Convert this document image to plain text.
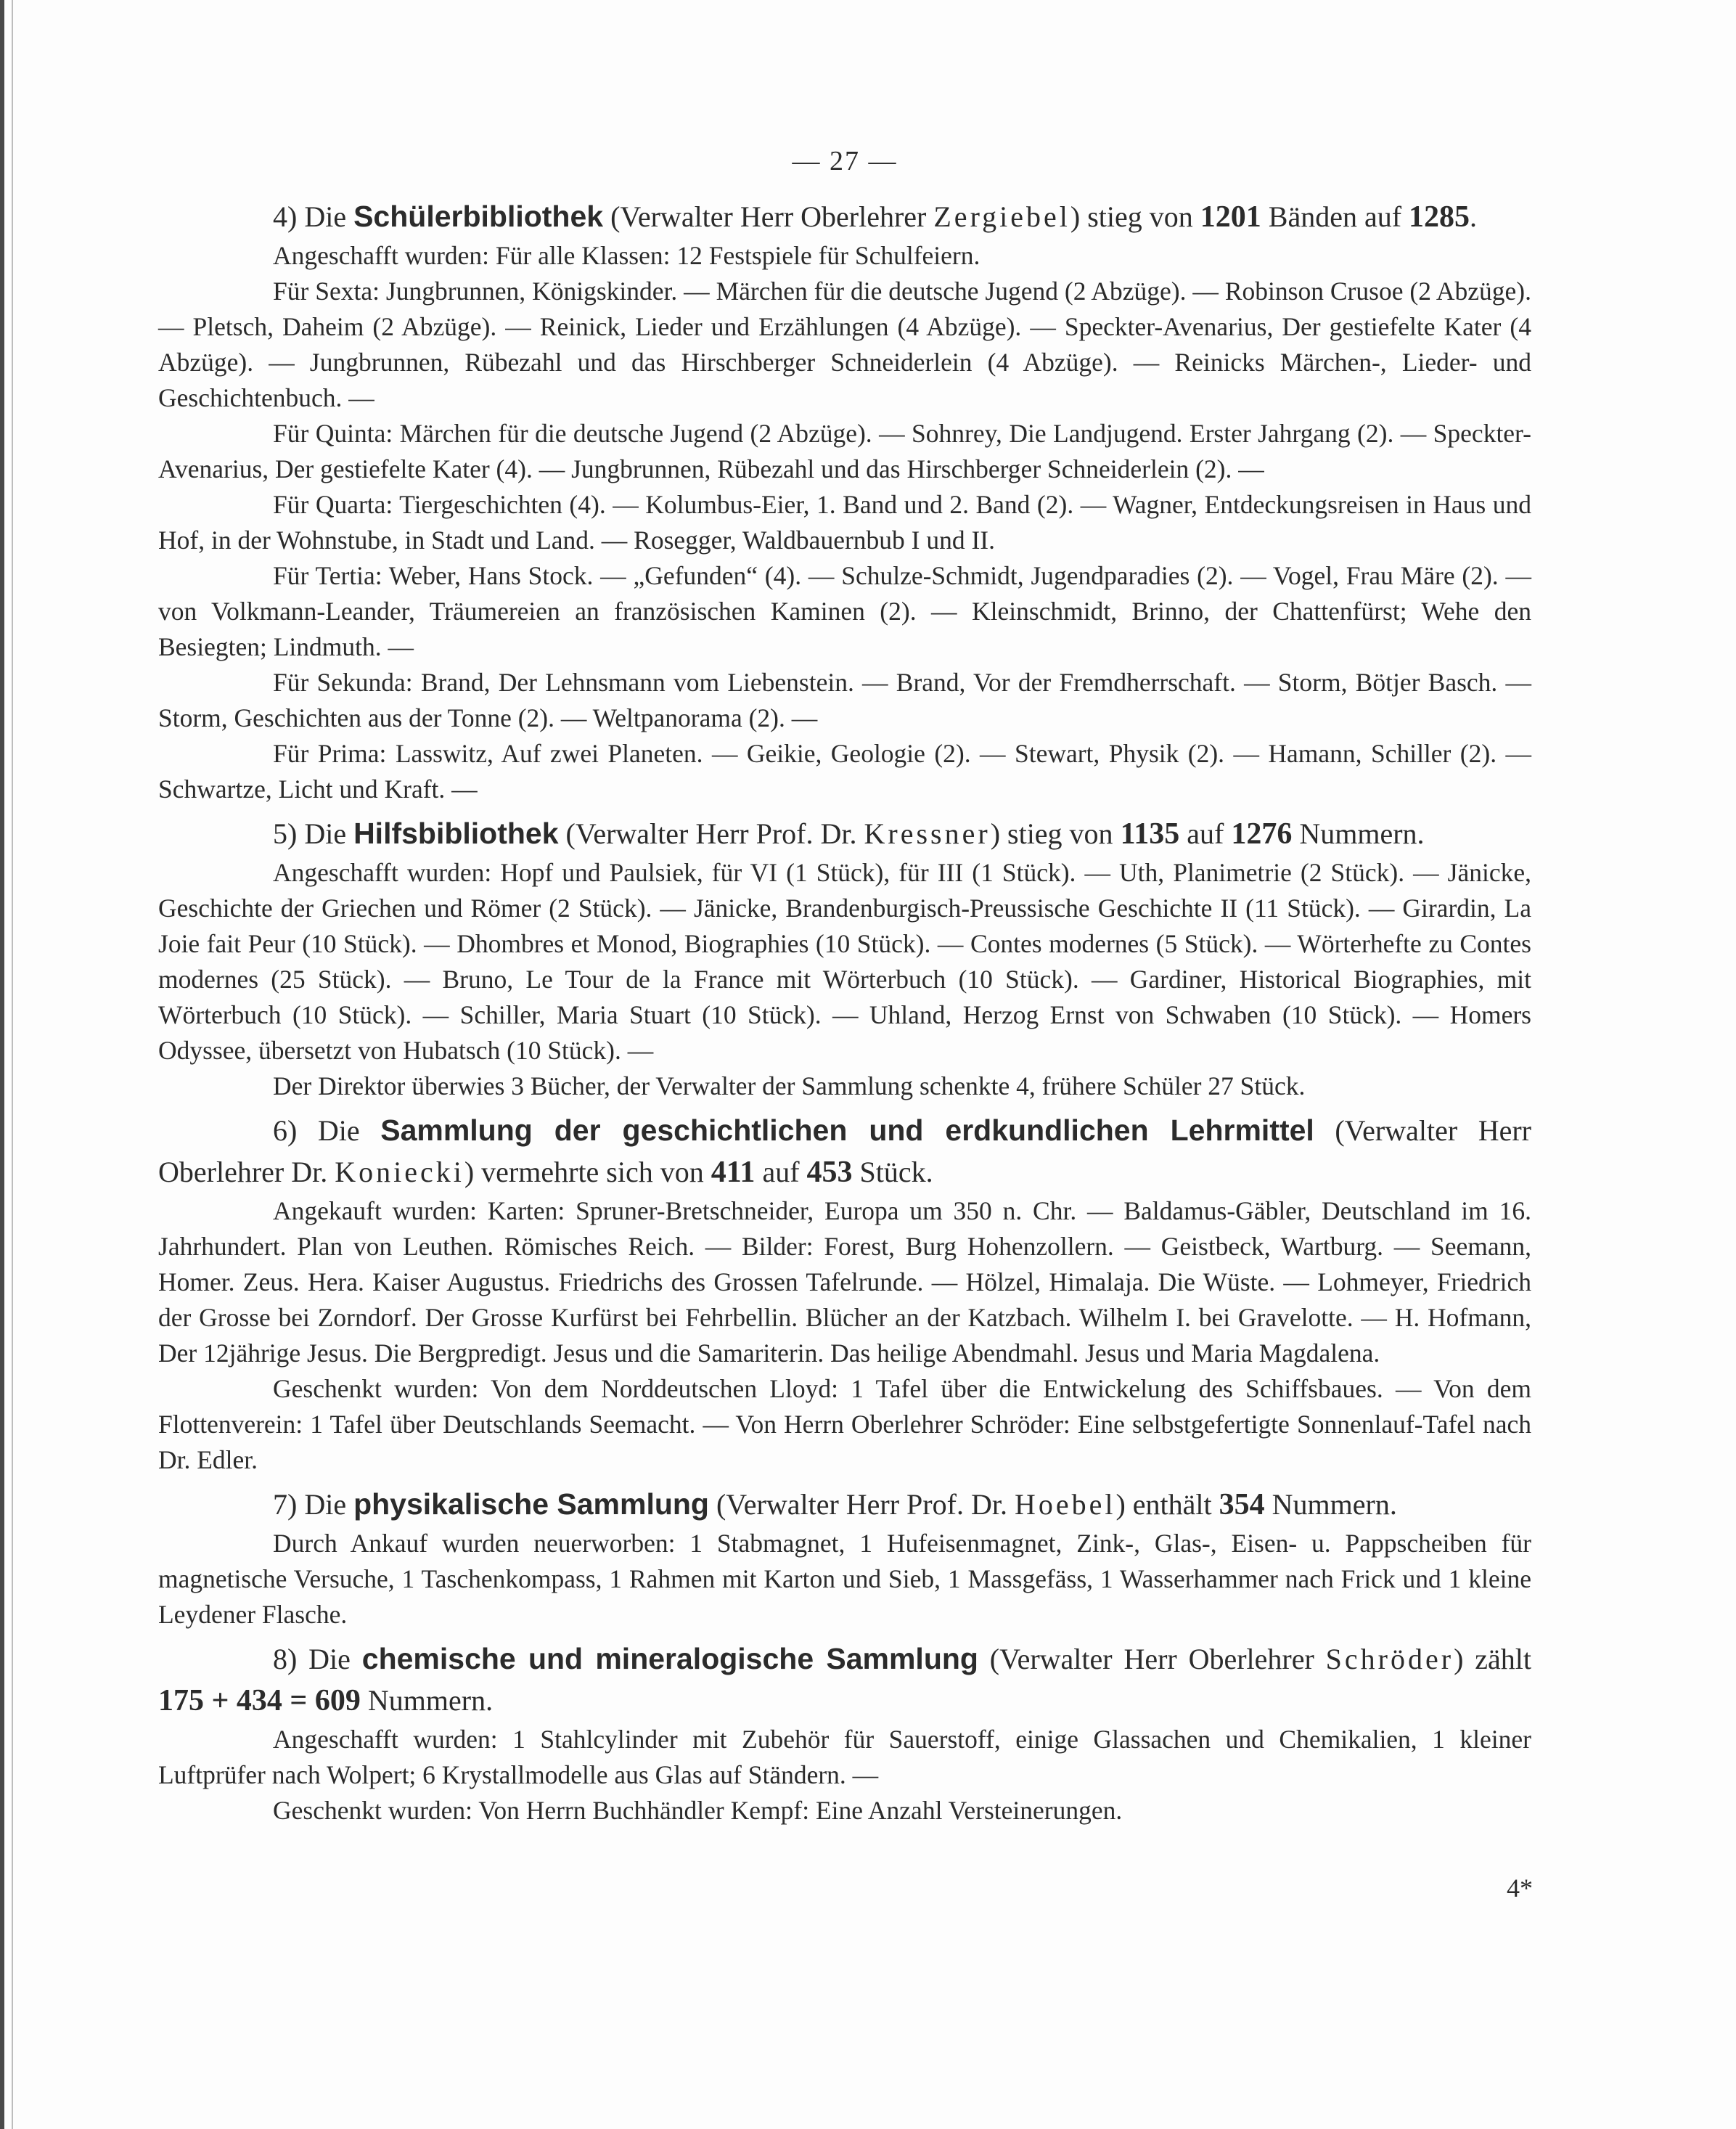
— 27 —

4) Die Schülerbibliothek (Verwalter Herr Oberlehrer Zergiebel) stieg von 1201 Bänden auf 1285.

Angeschafft wurden: Für alle Klassen: 12 Festspiele für Schulfeiern.

Für Sexta: Jungbrunnen, Königskinder. — Märchen für die deutsche Jugend (2 Abzüge). — Robinson Crusoe (2 Abzüge). — Pletsch, Daheim (2 Abzüge). — Reinick, Lieder und Erzählungen (4 Abzüge). — Speckter-Avenarius, Der gestiefelte Kater (4 Abzüge). — Jungbrunnen, Rübezahl und das Hirschberger Schneiderlein (4 Abzüge). — Reinicks Märchen-, Lieder- und Geschichtenbuch. —

Für Quinta: Märchen für die deutsche Jugend (2 Abzüge). — Sohnrey, Die Landjugend. Erster Jahrgang (2). — Speckter-Avenarius, Der gestiefelte Kater (4). — Jungbrunnen, Rübezahl und das Hirschberger Schneiderlein (2). —

Für Quarta: Tiergeschichten (4). — Kolumbus-Eier, 1. Band und 2. Band (2). — Wagner, Entdeckungsreisen in Haus und Hof, in der Wohnstube, in Stadt und Land. — Rosegger, Waldbauernbub I und II.

Für Tertia: Weber, Hans Stock. — „Gefunden“ (4). — Schulze-Schmidt, Jugendparadies (2). — Vogel, Frau Märe (2). — von Volkmann-Leander, Träumereien an französischen Kaminen (2). — Kleinschmidt, Brinno, der Chattenfürst; Wehe den Besiegten; Lindmuth. —

Für Sekunda: Brand, Der Lehnsmann vom Liebenstein. — Brand, Vor der Fremdherrschaft. — Storm, Bötjer Basch. — Storm, Geschichten aus der Tonne (2). — Weltpanorama (2). —

Für Prima: Lasswitz, Auf zwei Planeten. — Geikie, Geologie (2). — Stewart, Physik (2). — Hamann, Schiller (2). — Schwartze, Licht und Kraft. —

5) Die Hilfsbibliothek (Verwalter Herr Prof. Dr. Kressner) stieg von 1135 auf 1276 Nummern.

Angeschafft wurden: Hopf und Paulsiek, für VI (1 Stück), für III (1 Stück). — Uth, Planimetrie (2 Stück). — Jänicke, Geschichte der Griechen und Römer (2 Stück). — Jänicke, Brandenburgisch-Preussische Geschichte II (11 Stück). — Girardin, La Joie fait Peur (10 Stück). — Dhombres et Monod, Biographies (10 Stück). — Contes modernes (5 Stück). — Wörterhefte zu Contes modernes (25 Stück). — Bruno, Le Tour de la France mit Wörterbuch (10 Stück). — Gardiner, Historical Biographies, mit Wörterbuch (10 Stück). — Schiller, Maria Stuart (10 Stück). — Uhland, Herzog Ernst von Schwaben (10 Stück). — Homers Odyssee, übersetzt von Hubatsch (10 Stück). —

Der Direktor überwies 3 Bücher, der Verwalter der Sammlung schenkte 4, frühere Schüler 27 Stück.

6) Die Sammlung der geschichtlichen und erdkundlichen Lehrmittel (Verwalter Herr Oberlehrer Dr. Koniecki) vermehrte sich von 411 auf 453 Stück.

Angekauft wurden: Karten: Spruner-Bretschneider, Europa um 350 n. Chr. — Baldamus-Gäbler, Deutschland im 16. Jahrhundert. Plan von Leuthen. Römisches Reich. — Bilder: Forest, Burg Hohenzollern. — Geistbeck, Wartburg. — Seemann, Homer. Zeus. Hera. Kaiser Augustus. Friedrichs des Grossen Tafelrunde. — Hölzel, Himalaja. Die Wüste. — Lohmeyer, Friedrich der Grosse bei Zorndorf. Der Grosse Kurfürst bei Fehrbellin. Blücher an der Katzbach. Wilhelm I. bei Gravelotte. — H. Hofmann, Der 12jährige Jesus. Die Bergpredigt. Jesus und die Samariterin. Das heilige Abendmahl. Jesus und Maria Magdalena.

Geschenkt wurden: Von dem Norddeutschen Lloyd: 1 Tafel über die Entwickelung des Schiffsbaues. — Von dem Flottenverein: 1 Tafel über Deutschlands Seemacht. — Von Herrn Oberlehrer Schröder: Eine selbstgefertigte Sonnenlauf-Tafel nach Dr. Edler.

7) Die physikalische Sammlung (Verwalter Herr Prof. Dr. Hoebel) enthält 354 Nummern.

Durch Ankauf wurden neuerworben: 1 Stabmagnet, 1 Hufeisenmagnet, Zink-, Glas-, Eisen- u. Pappscheiben für magnetische Versuche, 1 Taschenkompass, 1 Rahmen mit Karton und Sieb, 1 Massgefäss, 1 Wasserhammer nach Frick und 1 kleine Leydener Flasche.

8) Die chemische und mineralogische Sammlung (Verwalter Herr Oberlehrer Schröder) zählt 175 + 434 = 609 Nummern.

Angeschafft wurden: 1 Stahlcylinder mit Zubehör für Sauerstoff, einige Glassachen und Chemikalien, 1 kleiner Luftprüfer nach Wolpert; 6 Krystallmodelle aus Glas auf Ständern. —

Geschenkt wurden: Von Herrn Buchhändler Kempf: Eine Anzahl Versteinerungen.

4*
